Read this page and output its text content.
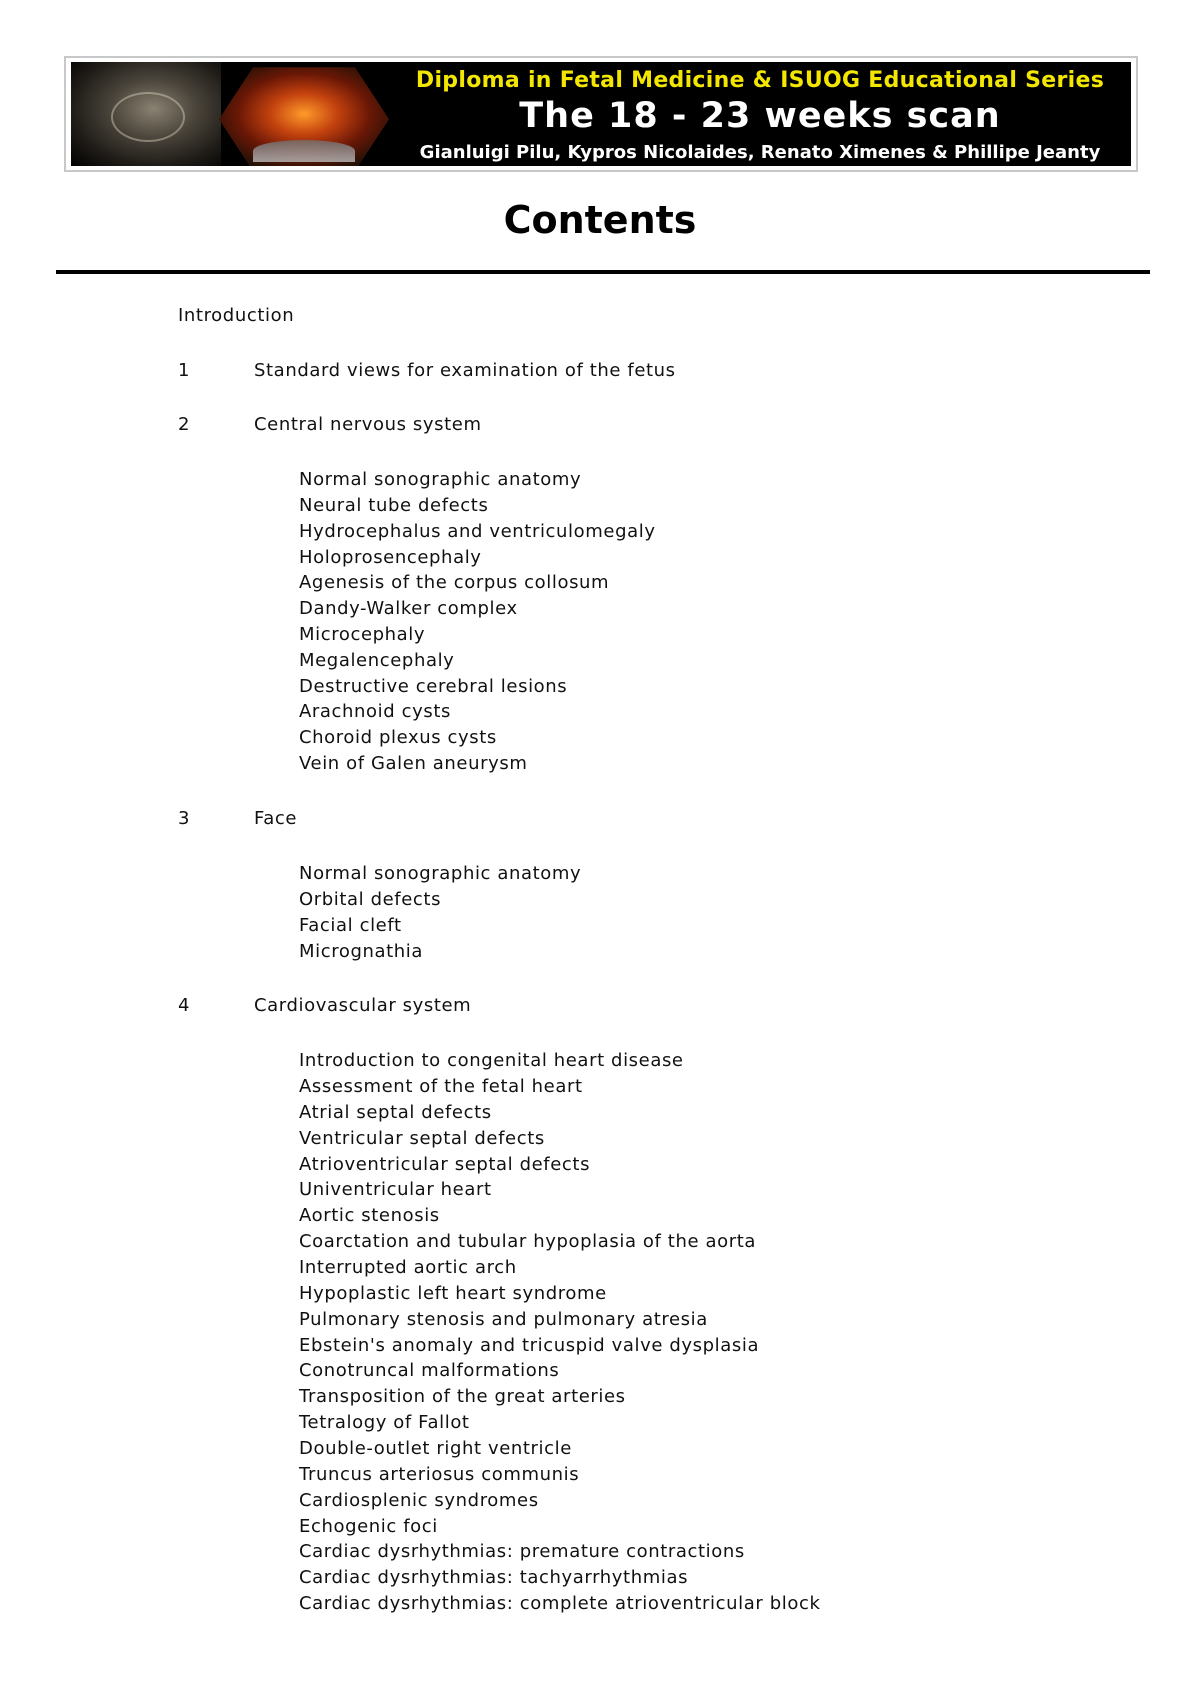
Diploma in Fetal Medicine & ISUOG Educational Series
The 18 - 23 weeks scan
Gianluigi Pilu, Kypros Nicolaides, Renato Ximenes & Phillipe Jeanty
Contents
Introduction
1	Standard views for examination of the fetus
2	Central nervous system
Normal sonographic anatomy
Neural tube defects
Hydrocephalus and ventriculomegaly
Holoprosencephaly
Agenesis of the corpus collosum
Dandy-Walker complex
Microcephaly
Megalencephaly
Destructive cerebral lesions
Arachnoid cysts
Choroid plexus cysts
Vein of Galen aneurysm
3	Face
Normal sonographic anatomy
Orbital defects
Facial cleft
Micrognathia
4	Cardiovascular system
Introduction to congenital heart disease
Assessment of the fetal heart
Atrial septal defects
Ventricular septal defects
Atrioventricular septal defects
Univentricular heart
Aortic stenosis
Coarctation and tubular hypoplasia of the aorta
Interrupted aortic arch
Hypoplastic left heart syndrome
Pulmonary stenosis and pulmonary atresia
Ebstein's anomaly and tricuspid valve dysplasia
Conotruncal malformations
Transposition of the great arteries
Tetralogy of Fallot
Double-outlet right ventricle
Truncus arteriosus communis
Cardiosplenic syndromes
Echogenic foci
Cardiac dysrhythmias: premature contractions
Cardiac dysrhythmias: tachyarrhythmias
Cardiac dysrhythmias: complete atrioventricular block
